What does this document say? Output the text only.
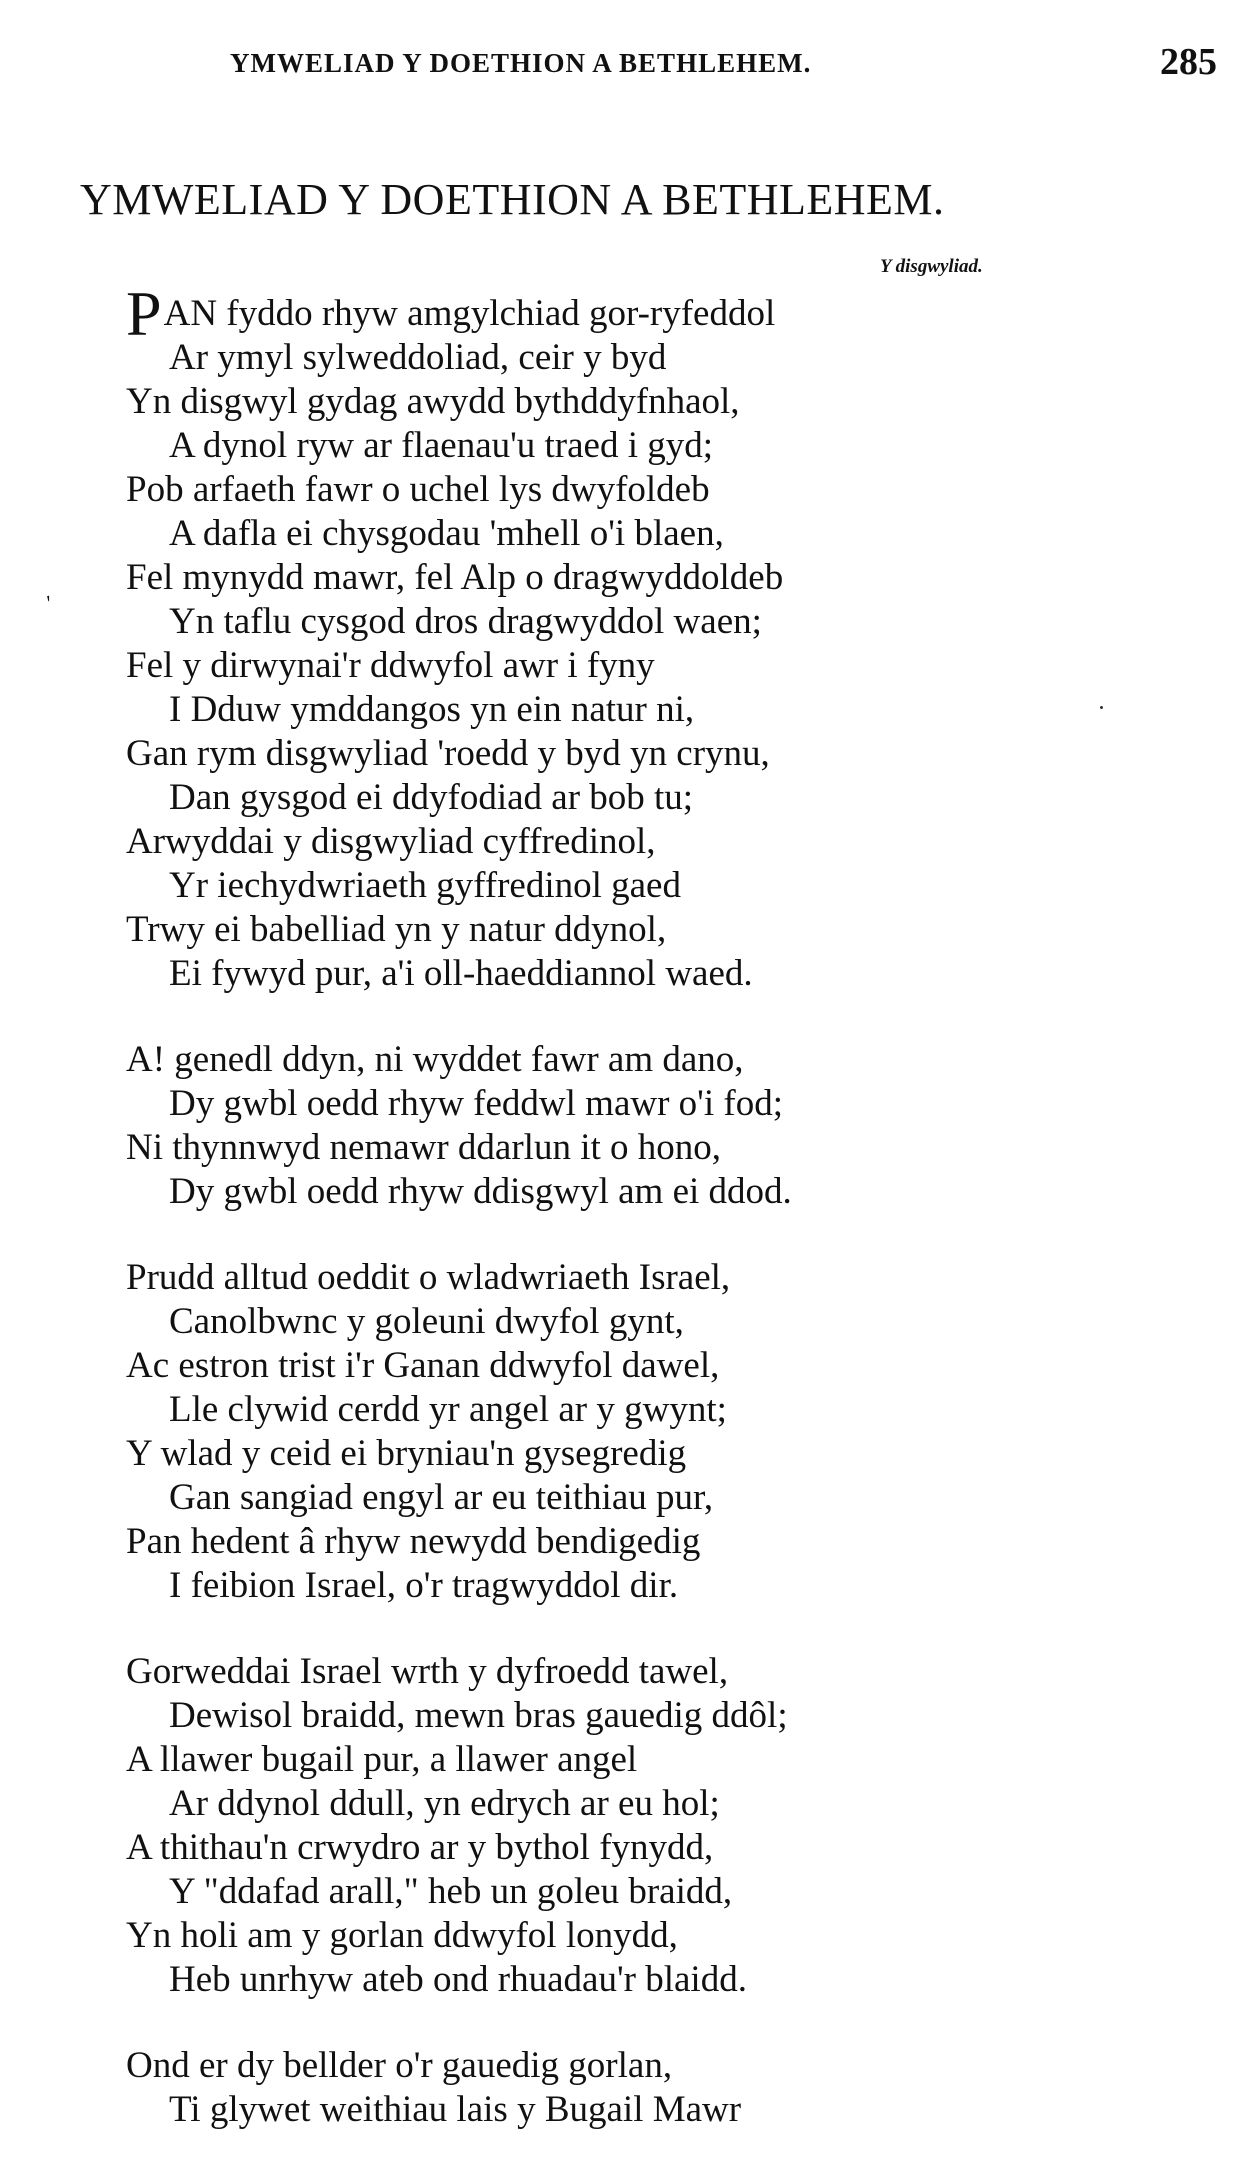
YMWELIAD Y DOETHION A BETHLEHEM.	285
YMWELIAD Y DOETHION A BETHLEHEM.
Y disgwyliad.
′
PAN fyddo rhyw amgylchiad gor-ryfeddol
Ar ymyl sylweddoliad, ceir y byd
Yn disgwyl gydag awydd bythddyfnhaol,
A dynol ryw ar flaenau'u traed i gyd;
Pob arfaeth fawr o uchel lys dwyfoldeb
A dafla ei chysgodau 'mhell o'i blaen,
Fel mynydd mawr, fel Alp o dragwyddoldeb
Yn taflu cysgod dros dragwyddol waen;
Fel y dirwynai'r ddwyfol awr i fyny
I Dduw ymddangos yn ein natur ni,
Gan rym disgwyliad 'roedd y byd yn crynu,
Dan gysgod ei ddyfodiad ar bob tu;
Arwyddai y disgwyliad cyffredinol,
Yr iechydwriaeth gyffredinol gaed
Trwy ei babelliad yn y natur ddynol,
Ei fywyd pur, a'i oll-haeddiannol waed.
A! genedl ddyn, ni wyddet fawr am dano,
Dy gwbl oedd rhyw feddwl mawr o'i fod;
Ni thynnwyd nemawr ddarlun it o hono,
Dy gwbl oedd rhyw ddisgwyl am ei ddod.
Prudd alltud oeddit o wladwriaeth Israel,
Canolbwnc y goleuni dwyfol gynt,
Ac estron trist i'r Ganan ddwyfol dawel,
Lle clywid cerdd yr angel ar y gwynt;
Y wlad y ceid ei bryniau'n gysegredig
Gan sangiad engyl ar eu teithiau pur,
Pan hedent â rhyw newydd bendigedig
I feibion Israel, o'r tragwyddol dir.
Gorweddai Israel wrth y dyfroedd tawel,
Dewisol braidd, mewn bras gauedig ddôl;
A llawer bugail pur, a llawer angel
Ar ddynol ddull, yn edrych ar eu hol;
A thithau'n crwydro ar y bythol fynydd,
Y "ddafad arall," heb un goleu braidd,
Yn holi am y gorlan ddwyfol lonydd,
Heb unrhyw ateb ond rhuadau'r blaidd.
Ond er dy bellder o'r gauedig gorlan,
Ti glywet weithiau lais y Bugail Mawr
